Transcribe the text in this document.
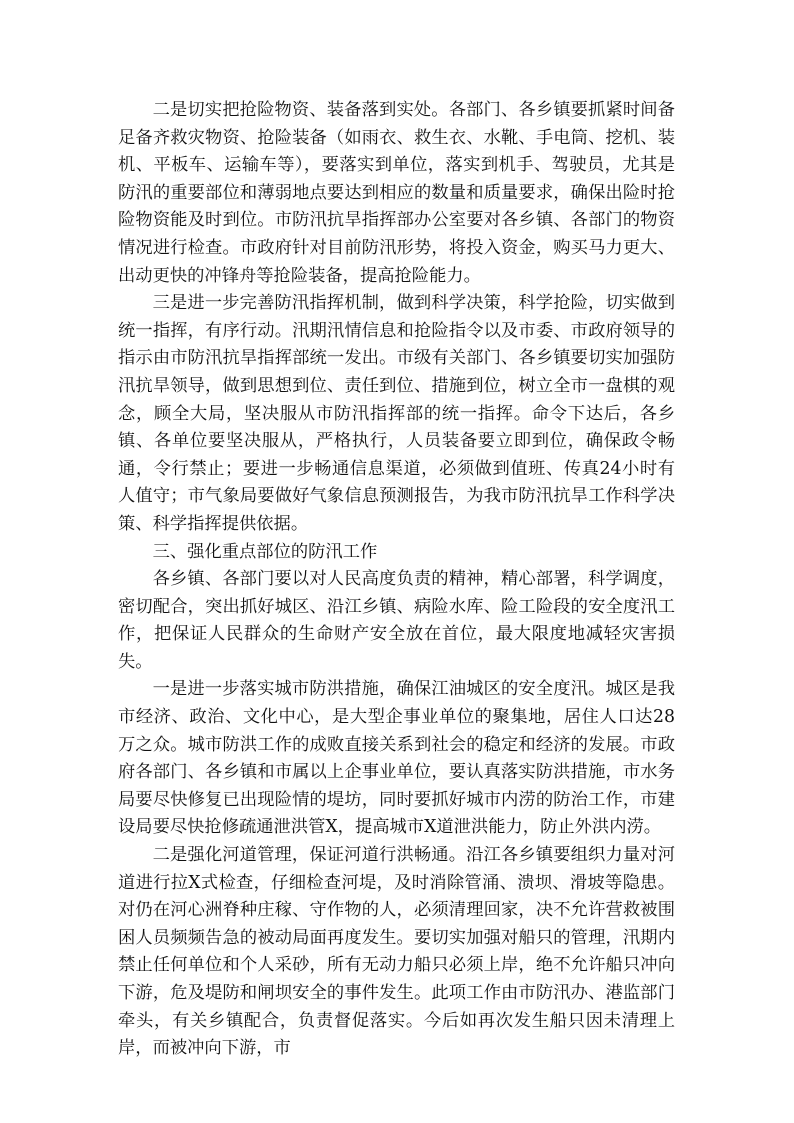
二是切实把抢险物资、装备落到实处。各部门、各乡镇要抓紧时间备足备齐救灾物资、抢险装备（如雨衣、救生衣、水靴、手电筒、挖机、装机、平板车、运输车等），要落实到单位，落实到机手、驾驶员，尤其是防汛的重要部位和薄弱地点要达到相应的数量和质量要求，确保出险时抢险物资能及时到位。市防汛抗旱指挥部办公室要对各乡镇、各部门的物资情况进行检查。市政府针对目前防汛形势，将投入资金，购买马力更大、出动更快的冲锋舟等抢险装备，提高抢险能力。

三是进一步完善防汛指挥机制，做到科学决策，科学抢险，切实做到统一指挥，有序行动。汛期汛情信息和抢险指令以及市委、市政府领导的指示由市防汛抗旱指挥部统一发出。市级有关部门、各乡镇要切实加强防汛抗旱领导，做到思想到位、责任到位、措施到位，树立全市一盘棋的观念，顾全大局，坚决服从市防汛指挥部的统一指挥。命令下达后，各乡镇、各单位要坚决服从，严格执行，人员装备要立即到位，确保政令畅通，令行禁止；要进一步畅通信息渠道，必须做到值班、传真24小时有人值守；市气象局要做好气象信息预测报告，为我市防汛抗旱工作科学决策、科学指挥提供依据。

三、强化重点部位的防汛工作

各乡镇、各部门要以对人民高度负责的精神，精心部署，科学调度，密切配合，突出抓好城区、沿江乡镇、病险水库、险工险段的安全度汛工作，把保证人民群众的生命财产安全放在首位，最大限度地减轻灾害损失。

一是进一步落实城市防洪措施，确保江油城区的安全度汛。城区是我市经济、政治、文化中心，是大型企事业单位的聚集地，居住人口达28万之众。城市防洪工作的成败直接关系到社会的稳定和经济的发展。市政府各部门、各乡镇和市属以上企事业单位，要认真落实防洪措施，市水务局要尽快修复已出现险情的堤坊，同时要抓好城市内涝的防治工作，市建设局要尽快抢修疏通泄洪管X，提高城市X道泄洪能力，防止外洪内涝。

二是强化河道管理，保证河道行洪畅通。沿江各乡镇要组织力量对河道进行拉X式检查，仔细检查河堤，及时消除管涌、溃坝、滑坡等隐患。对仍在河心洲脊种庄稼、守作物的人，必须清理回家，决不允许营救被围困人员频频告急的被动局面再度发生。要切实加强对船只的管理，汛期内禁止任何单位和个人采砂，所有无动力船只必须上岸，绝不允许船只冲向下游，危及堤防和闸坝安全的事件发生。此项工作由市防汛办、港监部门牵头，有关乡镇配合，负责督促落实。今后如再次发生船只因未清理上岸，而被冲向下游，市
